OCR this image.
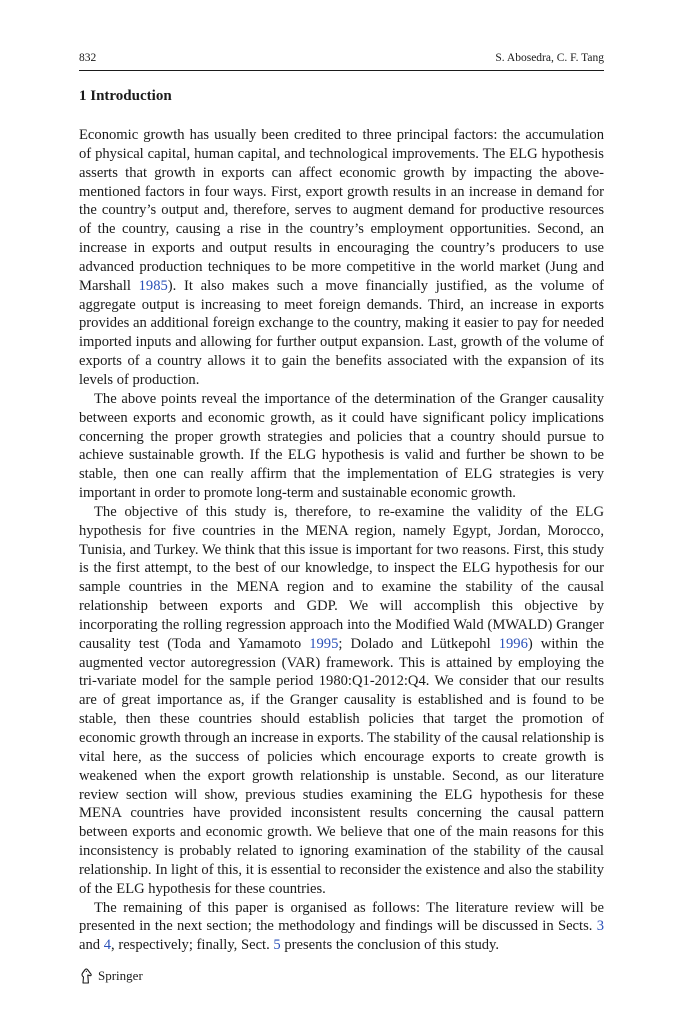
832	S. Abosedra, C. F. Tang
1 Introduction

Economic growth has usually been credited to three principal factors: the accumulation of physical capital, human capital, and technological improvements. The ELG hypothesis asserts that growth in exports can affect economic growth by impacting the above-mentioned factors in four ways. First, export growth results in an increase in demand for the country’s output and, therefore, serves to augment demand for productive resources of the country, causing a rise in the country’s employment opportunities. Second, an increase in exports and output results in encouraging the country’s producers to use advanced production techniques to be more competitive in the world market (Jung and Marshall 1985). It also makes such a move financially justified, as the volume of aggregate output is increasing to meet foreign demands. Third, an increase in exports provides an additional foreign exchange to the country, making it easier to pay for needed imported inputs and allowing for further output expansion. Last, growth of the volume of exports of a country allows it to gain the benefits associated with the expansion of its levels of production.

The above points reveal the importance of the determination of the Granger causality between exports and economic growth, as it could have significant policy implications concerning the proper growth strategies and policies that a country should pursue to achieve sustainable growth. If the ELG hypothesis is valid and further be shown to be stable, then one can really affirm that the implementation of ELG strategies is very important in order to promote long-term and sustainable economic growth.

The objective of this study is, therefore, to re-examine the validity of the ELG hypothesis for five countries in the MENA region, namely Egypt, Jordan, Morocco, Tunisia, and Turkey. We think that this issue is important for two reasons. First, this study is the first attempt, to the best of our knowledge, to inspect the ELG hypothesis for our sample countries in the MENA region and to examine the stability of the causal relationship between exports and GDP. We will accomplish this objective by incorporating the rolling regression approach into the Modified Wald (MWALD) Granger causality test (Toda and Yamamoto 1995; Dolado and Lütkepohl 1996) within the augmented vector autoregression (VAR) framework. This is attained by employing the tri-variate model for the sample period 1980:Q1-2012:Q4. We consider that our results are of great importance as, if the Granger causality is established and is found to be stable, then these countries should establish policies that target the promotion of economic growth through an increase in exports. The stability of the causal relationship is vital here, as the success of policies which encourage exports to create growth is weakened when the export growth relationship is unstable. Second, as our literature review section will show, previous studies examining the ELG hypothesis for these MENA countries have provided inconsistent results concerning the causal pattern between exports and economic growth. We believe that one of the main reasons for this inconsistency is probably related to ignoring examination of the stability of the causal relationship. In light of this, it is essential to reconsider the existence and also the stability of the ELG hypothesis for these countries.

The remaining of this paper is organised as follows: The literature review will be presented in the next section; the methodology and findings will be discussed in Sects. 3 and 4, respectively; finally, Sect. 5 presents the conclusion of this study.

Springer
